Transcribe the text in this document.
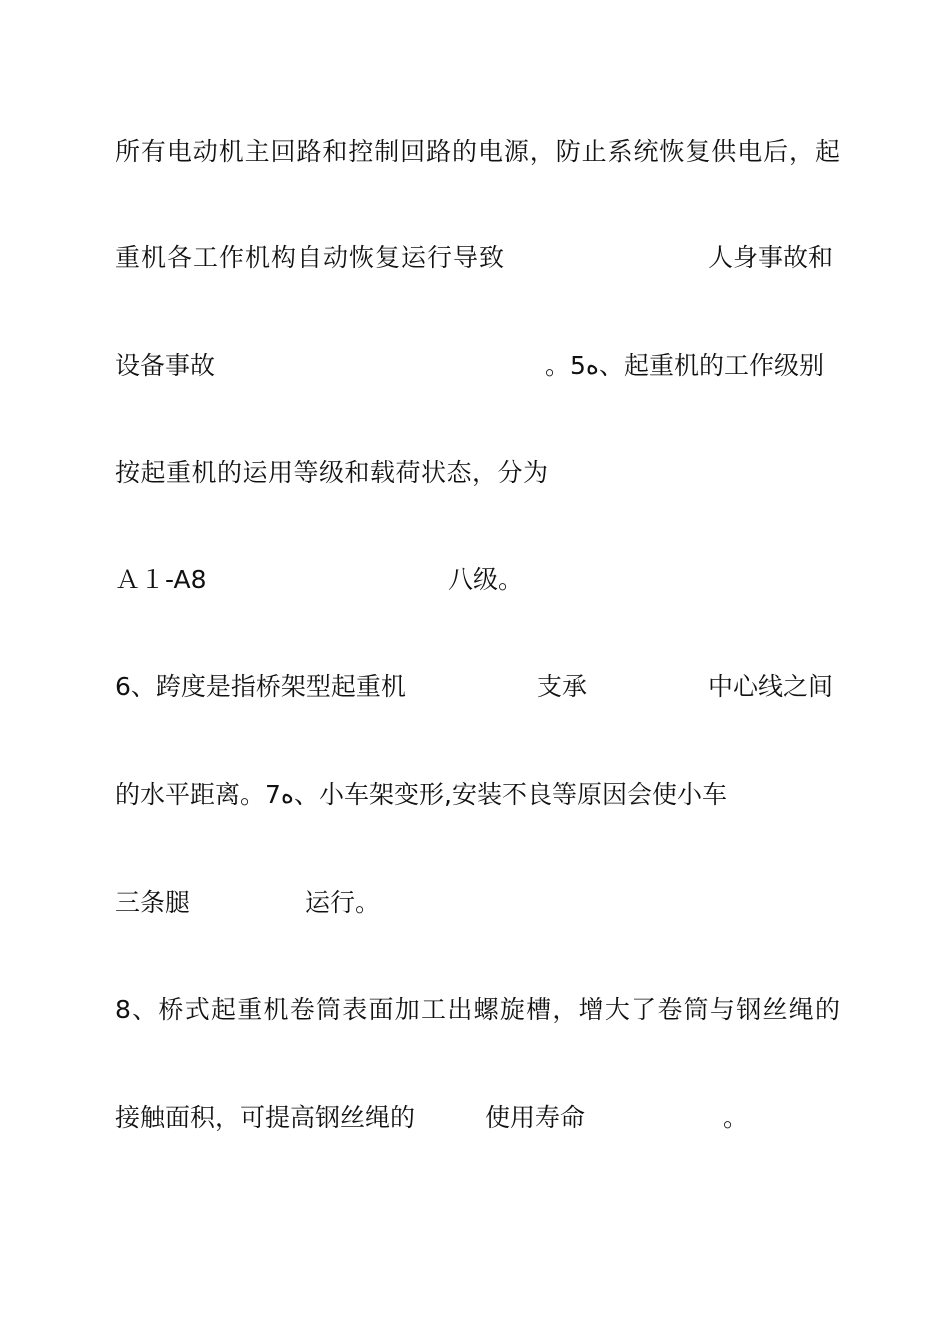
所有电动机主回路和控制回路的电源，防止系统恢复供电后，起
重机各工作机构自动恢复运行导致	人身事故和
设备事故	。5ه、起重机的工作级别
按起重机的运用等级和载荷状态，分为
Ａ１-A8	八级。
6、跨度是指桥架型起重机	支承	中心线之间
的水平距离。7ه、小车架变形,安装不良等原因会使小车
三条腿	运行。
8、桥式起重机卷筒表面加工出螺旋槽，增大了卷筒与钢丝绳的
接触面积，可提高钢丝绳的	使用寿命	。
